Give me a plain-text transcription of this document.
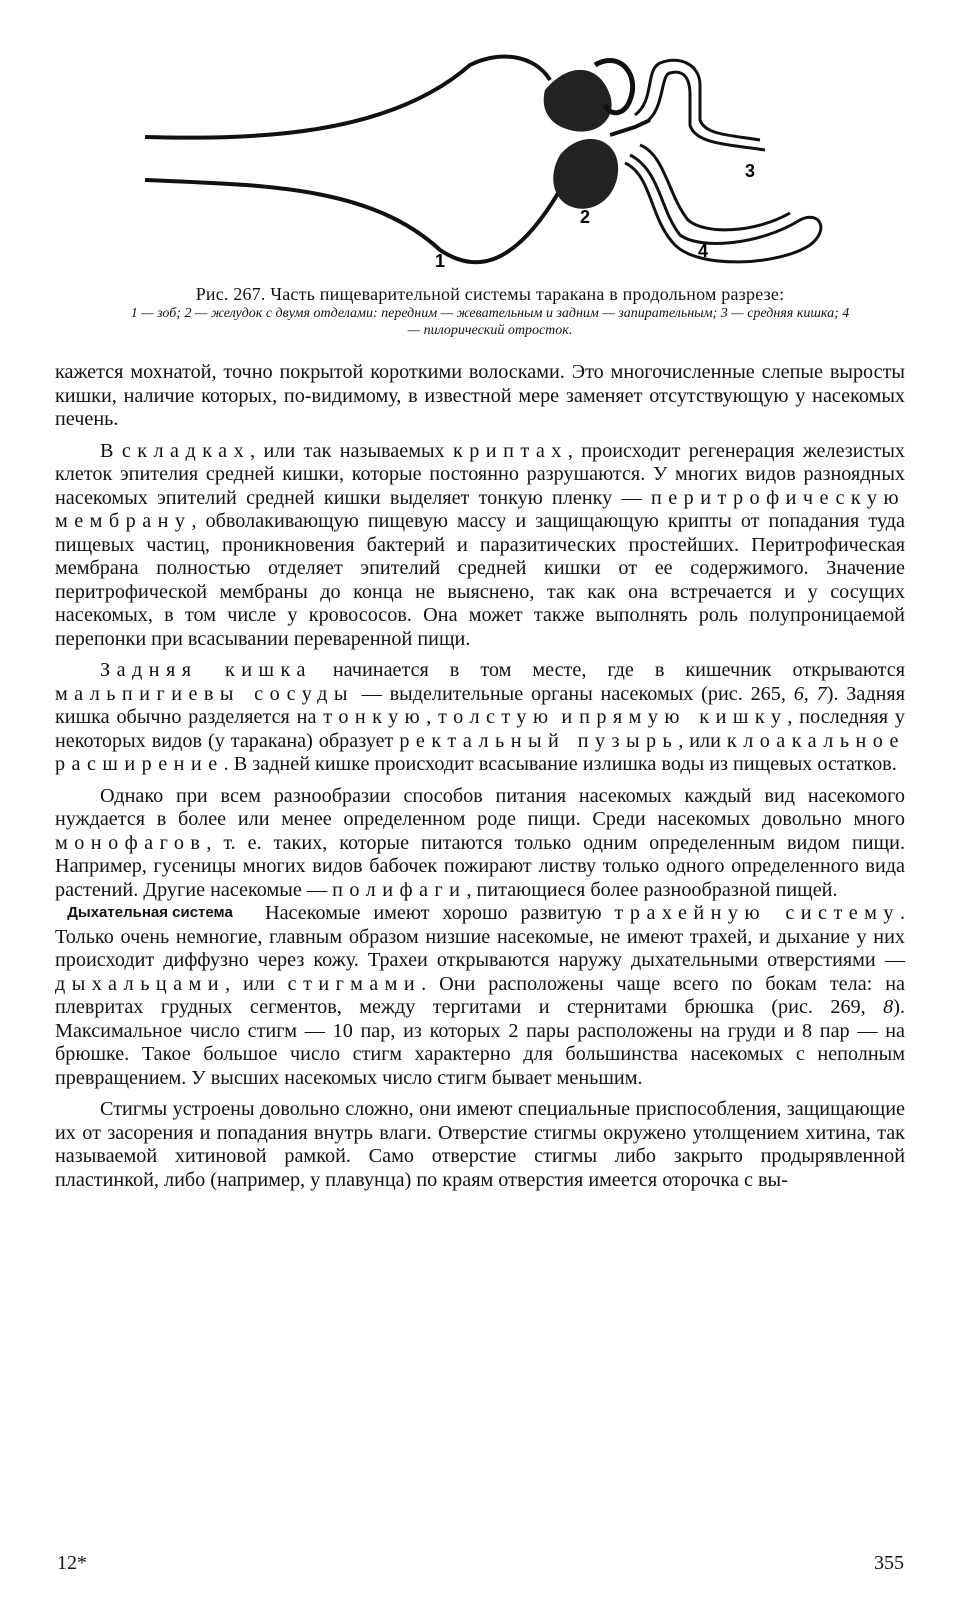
1
2
3
4
Рис. 267. Часть пищеварительной системы таракана в продольном разрезе:
1 — зоб; 2 — желудок с двумя отделами: передним — жевательным и задним — запирательным; 3 — средняя кишка; 4 — пилорический отросток.

кажется мохнатой, точно покрытой короткими волосками. Это многочисленные слепые выросты кишки, наличие которых, по-видимому, в известной мере заменяет отсутствующую у насекомых печень.

В складках, или так называемых криптах, происходит регенерация железистых клеток эпителия средней кишки, которые постоянно разрушаются. У многих видов разноядных насекомых эпителий средней кишки выделяет тонкую пленку — перитрофическую мембрану, обволакивающую пищевую массу и защищающую крипты от попадания туда пищевых частиц, проникновения бактерий и паразитических простейших. Перитрофическая мембрана полностью отделяет эпителий средней кишки от ее содержимого. Значение перитрофической мембраны до конца не выяснено, так как она встречается и у сосущих насекомых, в том числе у кровососов. Она может также выполнять роль полупроницаемой перепонки при всасывании переваренной пищи.

Задняя кишка начинается в том месте, где в кишечник открываются мальпигиевы сосуды — выделительные органы насекомых (рис. 265, 6, 7). Задняя кишка обычно разделяется на тонкую, толстую и прямую кишку, последняя у некоторых видов (у таракана) образует ректальный пузырь, или клоакальное расширение. В задней кишке происходит всасывание излишка воды из пищевых остатков.

Однако при всем разнообразии способов питания насекомых каждый вид насекомого нуждается в более или менее определенном роде пищи. Среди насекомых довольно много монофагов, т. е. таких, которые питаются только одним определенным видом пищи. Например, гусеницы многих видов бабочек пожирают листву только одного определенного вида растений. Другие насекомые — полифаги, питающиеся более разнообразной пищей.

Дыхательная система	Насекомые имеют хорошо развитую трахейную систему. Только очень немногие, главным образом низшие насекомые, не имеют трахей, и дыхание у них происходит диффузно через кожу. Трахеи открываются наружу дыхательными отверстиями — дыхальцами, или стигмами. Они расположены чаще всего по бокам тела: на плевритах грудных сегментов, между тергитами и стернитами брюшка (рис. 269, 8). Максимальное число стигм — 10 пар, из которых 2 пары расположены на груди и 8 пар — на брюшке. Такое большое число стигм характерно для большинства насекомых с неполным превращением. У высших насекомых число стигм бывает меньшим.

Стигмы устроены довольно сложно, они имеют специальные приспособления, защищающие их от засорения и попадания внутрь влаги. Отверстие стигмы окружено утолщением хитина, так называемой хитиновой рамкой. Само отверстие стигмы либо закрыто продырявленной пластинкой, либо (например, у плавунца) по краям отверстия имеется оторочка с вы-

12*	355
